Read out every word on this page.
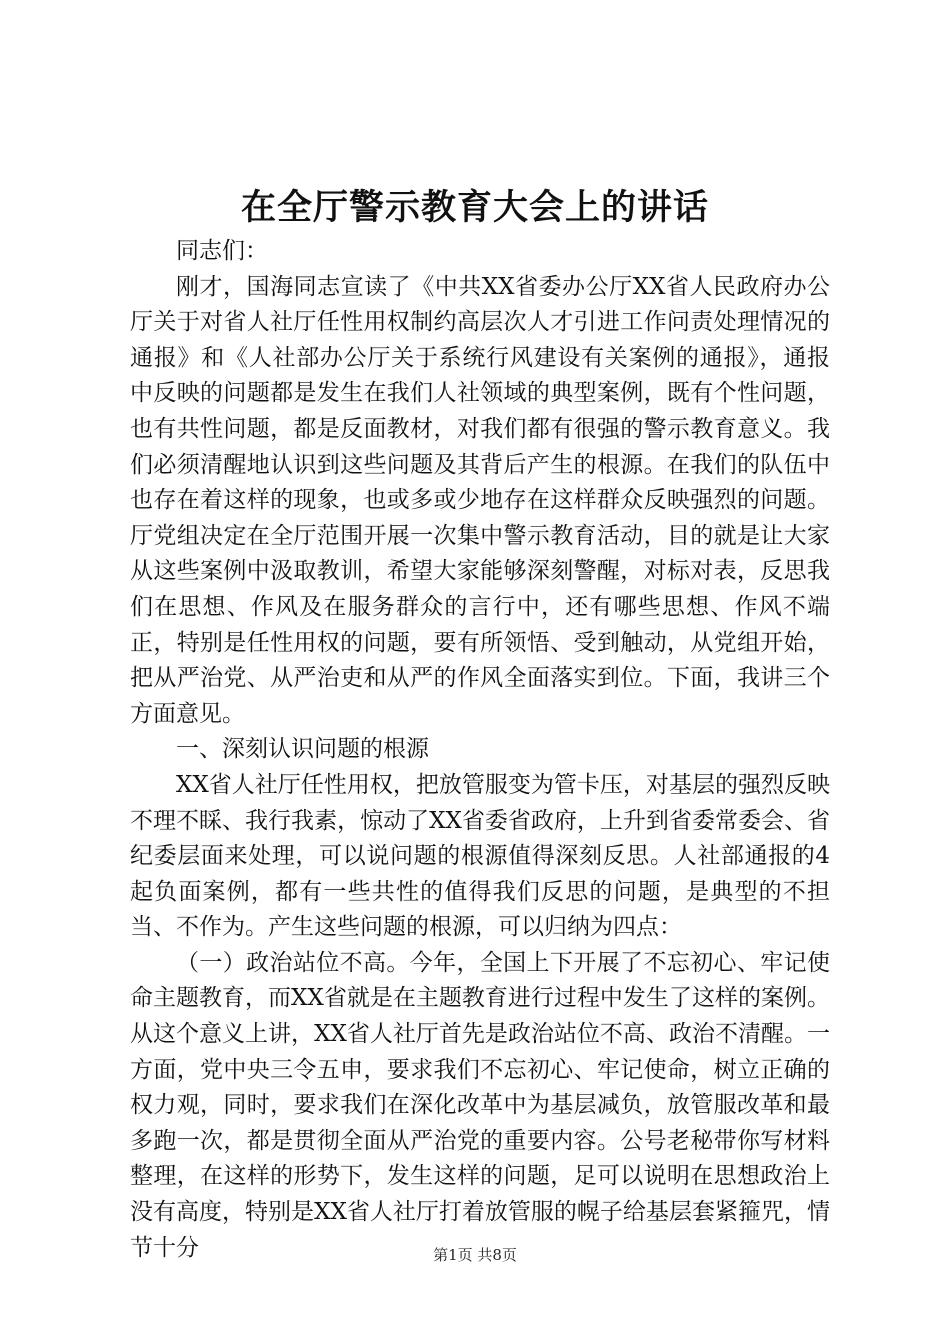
在全厅警示教育大会上的讲话

同志们：

刚才，国海同志宣读了《中共XX省委办公厅XX省人民政府办公厅关于对省人社厅任性用权制约高层次人才引进工作问责处理情况的通报》和《人社部办公厅关于系统行风建设有关案例的通报》，通报中反映的问题都是发生在我们人社领域的典型案例，既有个性问题，也有共性问题，都是反面教材，对我们都有很强的警示教育意义。我们必须清醒地认识到这些问题及其背后产生的根源。在我们的队伍中也存在着这样的现象，也或多或少地存在这样群众反映强烈的问题。厅党组决定在全厅范围开展一次集中警示教育活动，目的就是让大家从这些案例中汲取教训，希望大家能够深刻警醒，对标对表，反思我们在思想、作风及在服务群众的言行中，还有哪些思想、作风不端正，特别是任性用权的问题，要有所领悟、受到触动，从党组开始，把从严治党、从严治吏和从严的作风全面落实到位。下面，我讲三个方面意见。

一、深刻认识问题的根源

XX省人社厅任性用权，把放管服变为管卡压，对基层的强烈反映不理不睬、我行我素，惊动了XX省委省政府，上升到省委常委会、省纪委层面来处理，可以说问题的根源值得深刻反思。人社部通报的4起负面案例，都有一些共性的值得我们反思的问题，是典型的不担当、不作为。产生这些问题的根源，可以归纳为四点：

（一）政治站位不高。今年，全国上下开展了不忘初心、牢记使命主题教育，而XX省就是在主题教育进行过程中发生了这样的案例。从这个意义上讲，XX省人社厅首先是政治站位不高、政治不清醒。一方面，党中央三令五申，要求我们不忘初心、牢记使命，树立正确的权力观，同时，要求我们在深化改革中为基层减负，放管服改革和最多跑一次，都是贯彻全面从严治党的重要内容。公号老秘带你写材料整理，在这样的形势下，发生这样的问题，足可以说明在思想政治上没有高度，特别是XX省人社厅打着放管服的幌子给基层套紧箍咒，情节十分	第1页 共8页
